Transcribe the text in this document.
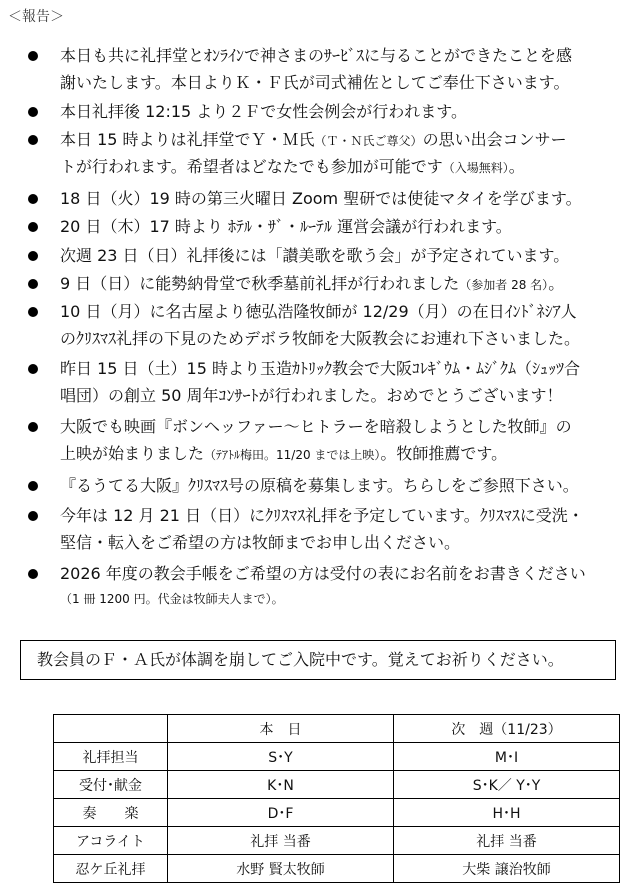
＜報告＞
本日も共に礼拝堂とｵﾝﾗｲﾝで神さまのｻｰﾋﾞｽに与ることができたことを感
謝いたします。本日よりＫ・Ｆ氏が司式補佐としてご奉仕下さいます。
本日礼拝後 12:15 より２Ｆで女性会例会が行われます。
本日 15 時よりは礼拝堂でＹ・Ｍ氏（Ｔ・Ｎ氏ご尊父）の思い出会コンサー
トが行われます。希望者はどなたでも参加が可能です（入場無料）。
18 日（火）19 時の第三火曜日 Zoom 聖研では使徒マタイを学びます。
20 日（木）17 時より ﾎﾃﾙ・ｻﾞ・ﾙｰﾃﾙ 運営会議が行われます。
次週 23 日（日）礼拝後には「讃美歌を歌う会」が予定されています。
9 日（日）に能勢納骨堂で秋季墓前礼拝が行われました（参加者 28 名）。
10 日（月）に名古屋より徳弘浩隆牧師が 12/29（月）の在日ｲﾝﾄﾞﾈｼｱ人
のｸﾘｽﾏｽ礼拝の下見のためデボラ牧師を大阪教会にお連れ下さいました。
昨日 15 日（土）15 時より玉造ｶﾄﾘｯｸ教会で大阪ｺﾚｷﾞｳﾑ・ﾑｼﾞｸﾑ（ｼｭｯﾂ合
唱団）の創立 50 周年ｺﾝｻｰﾄが行われました。おめでとうございます！
大阪でも映画『ボンヘッファー～ヒトラーを暗殺しようとした牧師』の
上映が始まりました（ﾃｱﾄﾙ梅田。11/20 までは上映）。牧師推薦です。
『るうてる大阪』ｸﾘｽﾏｽ号の原稿を募集します。ちらしをご参照下さい。
今年は 12 月 21 日（日）にｸﾘｽﾏｽ礼拝を予定しています。ｸﾘｽﾏｽに受洗・
堅信・転入をご希望の方は牧師までお申し出ください。
2026 年度の教会手帳をご希望の方は受付の表にお名前をお書きください
（1 冊 1200 円。代金は牧師夫人まで）。
教会員のＦ・Ａ氏が体調を崩してご入院中です。覚えてお祈りください。
	本　日	次　週（11/23）
礼拝担当	S･Y	M･I
受付･献金	K･N	S･K／ Y･Y
奏　　楽	D･F	H･H
アコライト	礼拝 当番	礼拝 当番
忍ケ丘礼拝	水野 賢太牧師	大柴 譲治牧師
